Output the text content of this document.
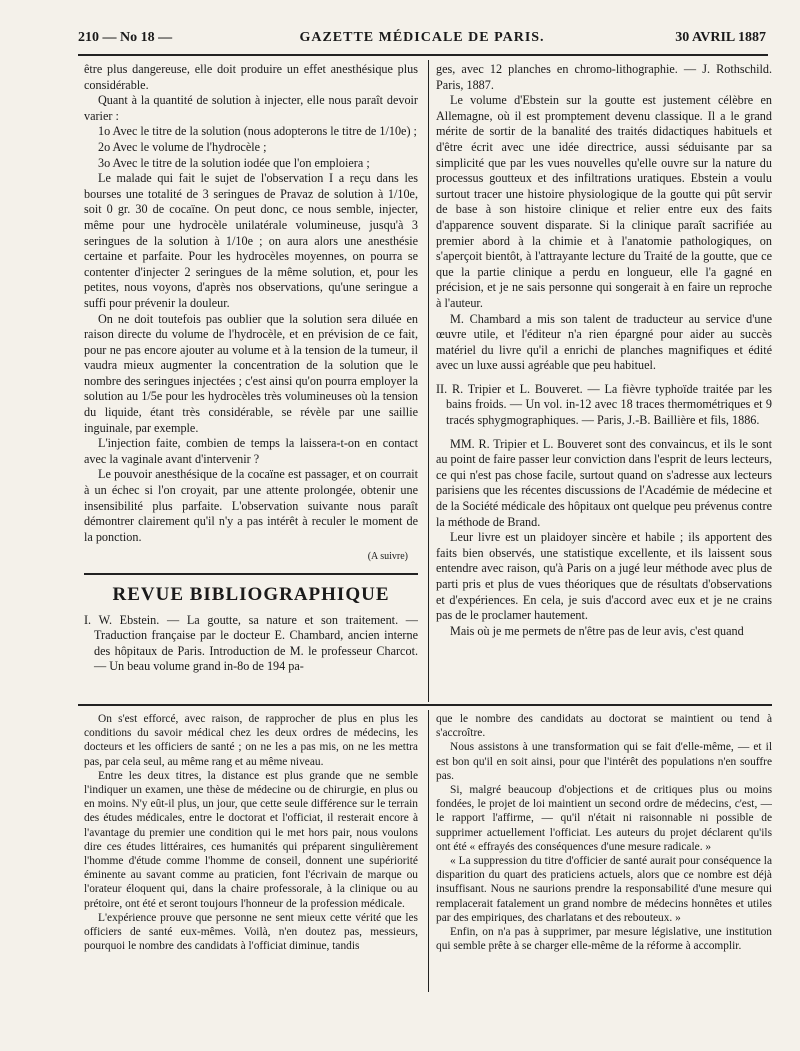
210 — No 18 —	GAZETTE MÉDICALE DE PARIS.	30 AVRIL 1887

être plus dangereuse, elle doit produire un effet anesthésique plus considérable.

Quant à la quantité de solution à injecter, elle nous paraît devoir varier :

1o Avec le titre de la solution (nous adopterons le titre de 1/10e) ;

2o Avec le volume de l'hydrocèle ;

3o Avec le titre de la solution iodée que l'on emploiera ;

Le malade qui fait le sujet de l'observation I a reçu dans les bourses une totalité de 3 seringues de Pravaz de solution à 1/10e, soit 0 gr. 30 de cocaïne. On peut donc, ce nous semble, injecter, même pour une hydrocèle unilatérale volumineuse, jusqu'à 3 seringues de la solution à 1/10e ; on aura alors une anesthésie certaine et parfaite. Pour les hydrocèles moyennes, on pourra se contenter d'injecter 2 seringues de la même solution, et, pour les petites, nous voyons, d'après nos observations, qu'une seringue a suffi pour prévenir la douleur.

On ne doit toutefois pas oublier que la solution sera diluée en raison directe du volume de l'hydrocèle, et en prévision de ce fait, pour ne pas encore ajouter au volume et à la tension de la tumeur, il vaudra mieux augmenter la concentration de la solution que le nombre des seringues injectées ; c'est ainsi qu'on pourra employer la solution au 1/5e pour les hydrocèles très volumineuses où la tension du liquide, étant très considérable, se révèle par une saillie inguinale, par exemple.

L'injection faite, combien de temps la laissera-t-on en contact avec la vaginale avant d'intervenir ?

Le pouvoir anesthésique de la cocaïne est passager, et on courrait à un échec si l'on croyait, par une attente prolongée, obtenir une insensibilité plus parfaite. L'observation suivante nous paraît démontrer clairement qu'il n'y a pas intérêt à reculer le moment de la ponction.

(A suivre)
REVUE BIBLIOGRAPHIQUE

I. W. Ebstein. — La goutte, sa nature et son traitement. — Traduction française par le docteur E. Chambard, ancien interne des hôpitaux de Paris. Introduction de M. le professeur Charcot. — Un beau volume grand in-8o de 194 pa-

ges, avec 12 planches en chromo-lithographie. — J. Rothschild. Paris, 1887.

Le volume d'Ebstein sur la goutte est justement célèbre en Allemagne, où il est promptement devenu classique. Il a le grand mérite de sortir de la banalité des traités didactiques habituels et d'être écrit avec une idée directrice, aussi séduisante par sa simplicité que par les vues nouvelles qu'elle ouvre sur la nature du processus goutteux et des infiltrations uratiques. Ebstein a voulu surtout tracer une histoire physiologique de la goutte qui pût servir de base à son histoire clinique et relier entre eux des faits d'apparence souvent disparate. Si la clinique paraît sacrifiée au premier abord à la chimie et à l'anatomie pathologiques, on s'aperçoit bientôt, à l'attrayante lecture du Traité de la goutte, que ce que la partie clinique a perdu en longueur, elle l'a gagné en précision, et je ne sais personne qui songerait à en faire un reproche à l'auteur.

M. Chambard a mis son talent de traducteur au service d'une œuvre utile, et l'éditeur n'a rien épargné pour aider au succès matériel du livre qu'il a enrichi de planches magnifiques et édité avec un luxe aussi agréable que peu habituel.

II. R. Tripier et L. Bouveret. — La fièvre typhoïde traitée par les bains froids. — Un vol. in-12 avec 18 traces thermométriques et 9 tracés sphygmographiques. — Paris, J.-B. Baillière et fils, 1886.

MM. R. Tripier et L. Bouveret sont des convaincus, et ils le sont au point de faire passer leur conviction dans l'esprit de leurs lecteurs, ce qui n'est pas chose facile, surtout quand on s'adresse aux lecteurs parisiens que les récentes discussions de l'Académie de médecine et de la Société médicale des hôpitaux ont quelque peu prévenus contre la méthode de Brand.

Leur livre est un plaidoyer sincère et habile ; ils apportent des faits bien observés, une statistique excellente, et ils laissent sous entendre avec raison, qu'à Paris on a jugé leur méthode avec plus de parti pris et plus de vues théoriques que de résultats d'observations et d'expériences. En cela, je suis d'accord avec eux et je ne crains pas de le proclamer hautement.

Mais où je me permets de n'être pas de leur avis, c'est quand

On s'est efforcé, avec raison, de rapprocher de plus en plus les conditions du savoir médical chez les deux ordres de médecins, les docteurs et les officiers de santé ; on ne les a pas mis, on ne les mettra pas, par cela seul, au même rang et au même niveau.

Entre les deux titres, la distance est plus grande que ne semble l'indiquer un examen, une thèse de médecine ou de chirurgie, en plus ou en moins. N'y eût-il plus, un jour, que cette seule différence sur le terrain des études médicales, entre le doctorat et l'officiat, il resterait encore à l'avantage du premier une condition qui le met hors pair, nous voulons dire ces études littéraires, ces humanités qui préparent singulièrement l'homme d'étude comme l'homme de conseil, donnent une supériorité éminente au savant comme au praticien, font l'écrivain de marque ou l'orateur éloquent qui, dans la chaire professorale, à la clinique ou au prétoire, ont été et seront toujours l'honneur de la profession médicale.

L'expérience prouve que personne ne sent mieux cette vérité que les officiers de santé eux-mêmes. Voilà, n'en doutez pas, messieurs, pourquoi le nombre des candidats à l'officiat diminue, tandis

que le nombre des candidats au doctorat se maintient ou tend à s'accroître.

Nous assistons à une transformation qui se fait d'elle-même, — et il est bon qu'il en soit ainsi, pour que l'intérêt des populations n'en souffre pas.

Si, malgré beaucoup d'objections et de critiques plus ou moins fondées, le projet de loi maintient un second ordre de médecins, c'est, — le rapport l'affirme, — qu'il n'était ni raisonnable ni possible de supprimer actuellement l'officiat. Les auteurs du projet déclarent qu'ils ont été « effrayés des conséquences d'une mesure radicale. »

« La suppression du titre d'officier de santé aurait pour conséquence la disparition du quart des praticiens actuels, alors que ce nombre est déjà insuffisant. Nous ne saurions prendre la responsabilité d'une mesure qui remplacerait fatalement un grand nombre de médecins honnêtes et utiles par des empiriques, des charlatans et des rebouteux. »

Enfin, on n'a pas à supprimer, par mesure législative, une institution qui semble prête à se charger elle-même de la réforme à accomplir.
